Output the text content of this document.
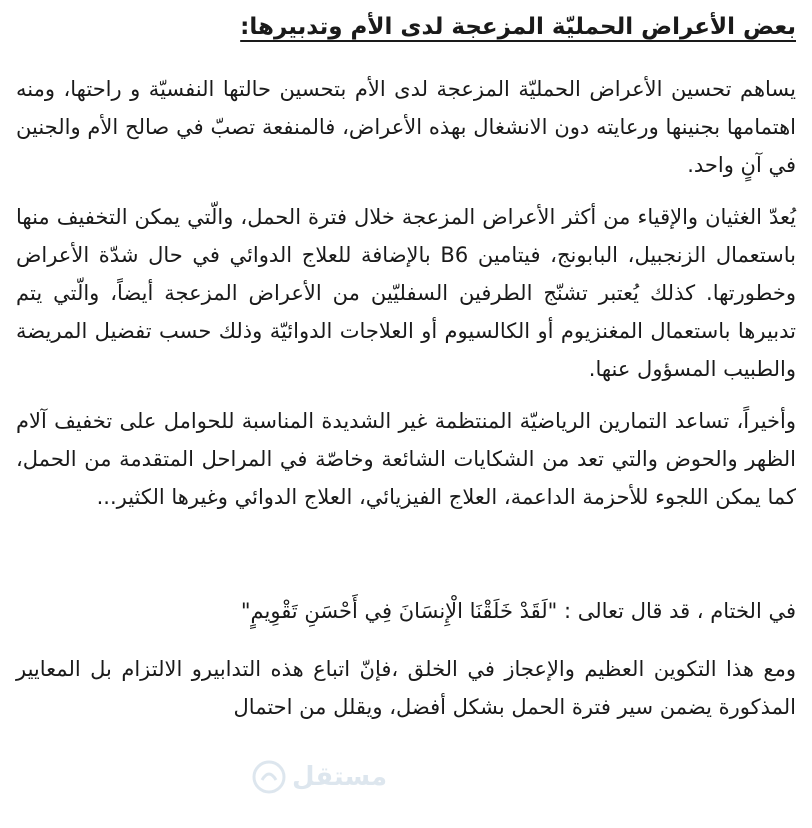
بعض الأعراض الحمليّة المزعجة لدى الأم وتدبيرها:

يساهم تحسين الأعراض الحمليّة المزعجة لدى الأم بتحسين حالتها النفسيّة و راحتها، ومنه اهتمامها بجنينها ورعايته دون الانشغال بهذه الأعراض، فالمنفعة تصبّ في صالح الأم والجنين في آنٍ واحد.

يُعدّ الغثيان والإقياء من أكثر الأعراض المزعجة خلال فترة الحمل، والّتي يمكن التخفيف منها باستعمال الزنجبيل، البابونج، فيتامين B6 بالإضافة للعلاج الدوائي في حال شدّة الأعراض وخطورتها. كذلك يُعتبر تشنّج الطرفين السفليّين من الأعراض المزعجة أيضاً، والّتي يتم تدبيرها باستعمال المغنزيوم أو الكالسيوم أو العلاجات الدوائيّة وذلك حسب تفضيل المريضة والطبيب المسؤول عنها.

وأخيراً، تساعد التمارين الرياضيّة المنتظمة غير الشديدة المناسبة للحوامل على تخفيف آلام الظهر والحوض والتي تعد من الشكايات الشائعة وخاصّة في المراحل المتقدمة من الحمل، كما يمكن اللجوء للأحزمة الداعمة، العلاج الفيزيائي، العلاج الدوائي وغيرها الكثير...

في الختام ، قد قال تعالى : "لَقَدْ خَلَقْنَا الْإِنسَانَ فِي أَحْسَنِ تَقْوِيمٍ"

ومع هذا التكوين العظيم والإعجاز في الخلق ،فإنّ اتباع هذه التدابيرو الالتزام بل المعايير المذكورة يضمن سير فترة الحمل بشكل أفضل، ويقلل من احتمال

مستقل
